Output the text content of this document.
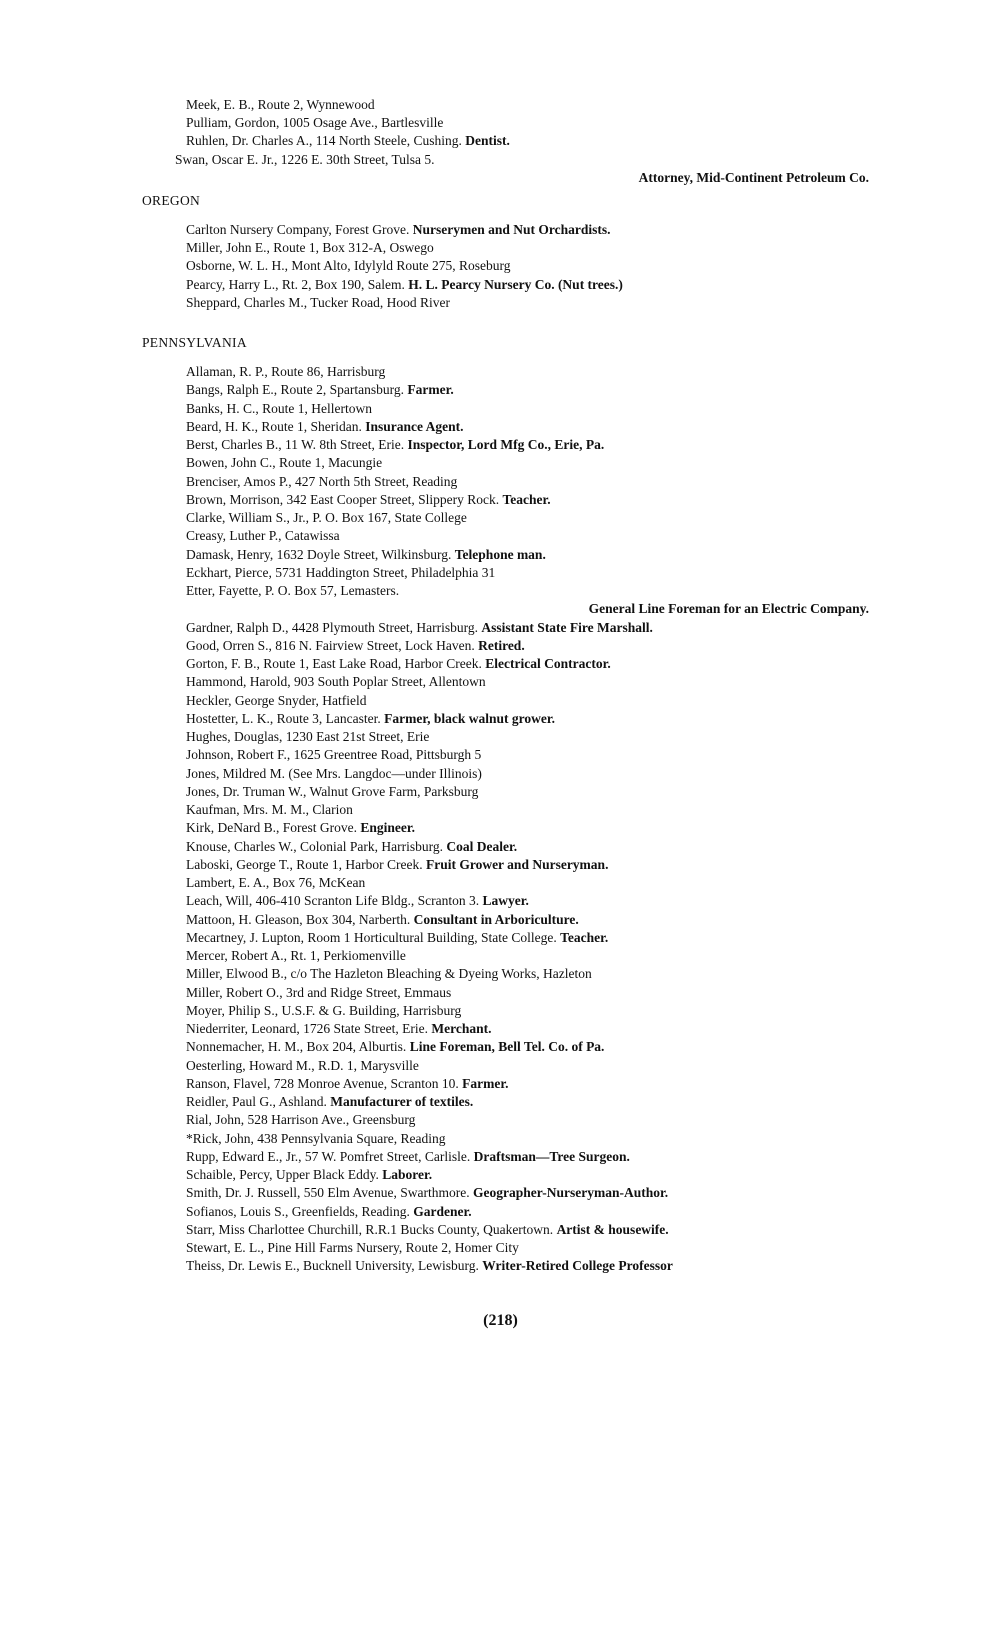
Meek, E. B., Route 2, Wynnewood
Pulliam, Gordon, 1005 Osage Ave., Bartlesville
Ruhlen, Dr. Charles A., 114 North Steele, Cushing. Dentist.
Swan, Oscar E. Jr., 1226 E. 30th Street, Tulsa 5.
Attorney, Mid-Continent Petroleum Co.
OREGON
Carlton Nursery Company, Forest Grove. Nurserymen and Nut Orchardists.
Miller, John E., Route 1, Box 312-A, Oswego
Osborne, W. L. H., Mont Alto, Idylyld Route 275, Roseburg
Pearcy, Harry L., Rt. 2, Box 190, Salem. H. L. Pearcy Nursery Co. (Nut trees.)
Sheppard, Charles M., Tucker Road, Hood River
PENNSYLVANIA
Allaman, R. P., Route 86, Harrisburg
Bangs, Ralph E., Route 2, Spartansburg. Farmer.
Banks, H. C., Route 1, Hellertown
Beard, H. K., Route 1, Sheridan. Insurance Agent.
Berst, Charles B., 11 W. 8th Street, Erie. Inspector, Lord Mfg Co., Erie, Pa.
Bowen, John C., Route 1, Macungie
Brenciser, Amos P., 427 North 5th Street, Reading
Brown, Morrison, 342 East Cooper Street, Slippery Rock. Teacher.
Clarke, William S., Jr., P. O. Box 167, State College
Creasy, Luther P., Catawissa
Damask, Henry, 1632 Doyle Street, Wilkinsburg. Telephone man.
Eckhart, Pierce, 5731 Haddington Street, Philadelphia 31
Etter, Fayette, P. O. Box 57, Lemasters.
General Line Foreman for an Electric Company.
Gardner, Ralph D., 4428 Plymouth Street, Harrisburg. Assistant State Fire Marshall.
Good, Orren S., 816 N. Fairview Street, Lock Haven. Retired.
Gorton, F. B., Route 1, East Lake Road, Harbor Creek. Electrical Contractor.
Hammond, Harold, 903 South Poplar Street, Allentown
Heckler, George Snyder, Hatfield
Hostetter, L. K., Route 3, Lancaster. Farmer, black walnut grower.
Hughes, Douglas, 1230 East 21st Street, Erie
Johnson, Robert F., 1625 Greentree Road, Pittsburgh 5
Jones, Mildred M. (See Mrs. Langdoc—under Illinois)
Jones, Dr. Truman W., Walnut Grove Farm, Parksburg
Kaufman, Mrs. M. M., Clarion
Kirk, DeNard B., Forest Grove. Engineer.
Knouse, Charles W., Colonial Park, Harrisburg. Coal Dealer.
Laboski, George T., Route 1, Harbor Creek. Fruit Grower and Nurseryman.
Lambert, E. A., Box 76, McKean
Leach, Will, 406-410 Scranton Life Bldg., Scranton 3. Lawyer.
Mattoon, H. Gleason, Box 304, Narberth. Consultant in Arboriculture.
Mecartney, J. Lupton, Room 1 Horticultural Building, State College. Teacher.
Mercer, Robert A., Rt. 1, Perkiomenville
Miller, Elwood B., c/o The Hazleton Bleaching & Dyeing Works, Hazleton
Miller, Robert O., 3rd and Ridge Street, Emmaus
Moyer, Philip S., U.S.F. & G. Building, Harrisburg
Niederriter, Leonard, 1726 State Street, Erie. Merchant.
Nonnemacher, H. M., Box 204, Alburtis. Line Foreman, Bell Tel. Co. of Pa.
Oesterling, Howard M., R.D. 1, Marysville
Ranson, Flavel, 728 Monroe Avenue, Scranton 10. Farmer.
Reidler, Paul G., Ashland. Manufacturer of textiles.
Rial, John, 528 Harrison Ave., Greensburg
*Rick, John, 438 Pennsylvania Square, Reading
Rupp, Edward E., Jr., 57 W. Pomfret Street, Carlisle. Draftsman—Tree Surgeon.
Schaible, Percy, Upper Black Eddy. Laborer.
Smith, Dr. J. Russell, 550 Elm Avenue, Swarthmore. Geographer-Nurseryman-Author.
Sofianos, Louis S., Greenfields, Reading. Gardener.
Starr, Miss Charlottee Churchill, R.R.1 Bucks County, Quakertown. Artist & housewife.
Stewart, E. L., Pine Hill Farms Nursery, Route 2, Homer City
Theiss, Dr. Lewis E., Bucknell University, Lewisburg. Writer-Retired College Professor
(218)
